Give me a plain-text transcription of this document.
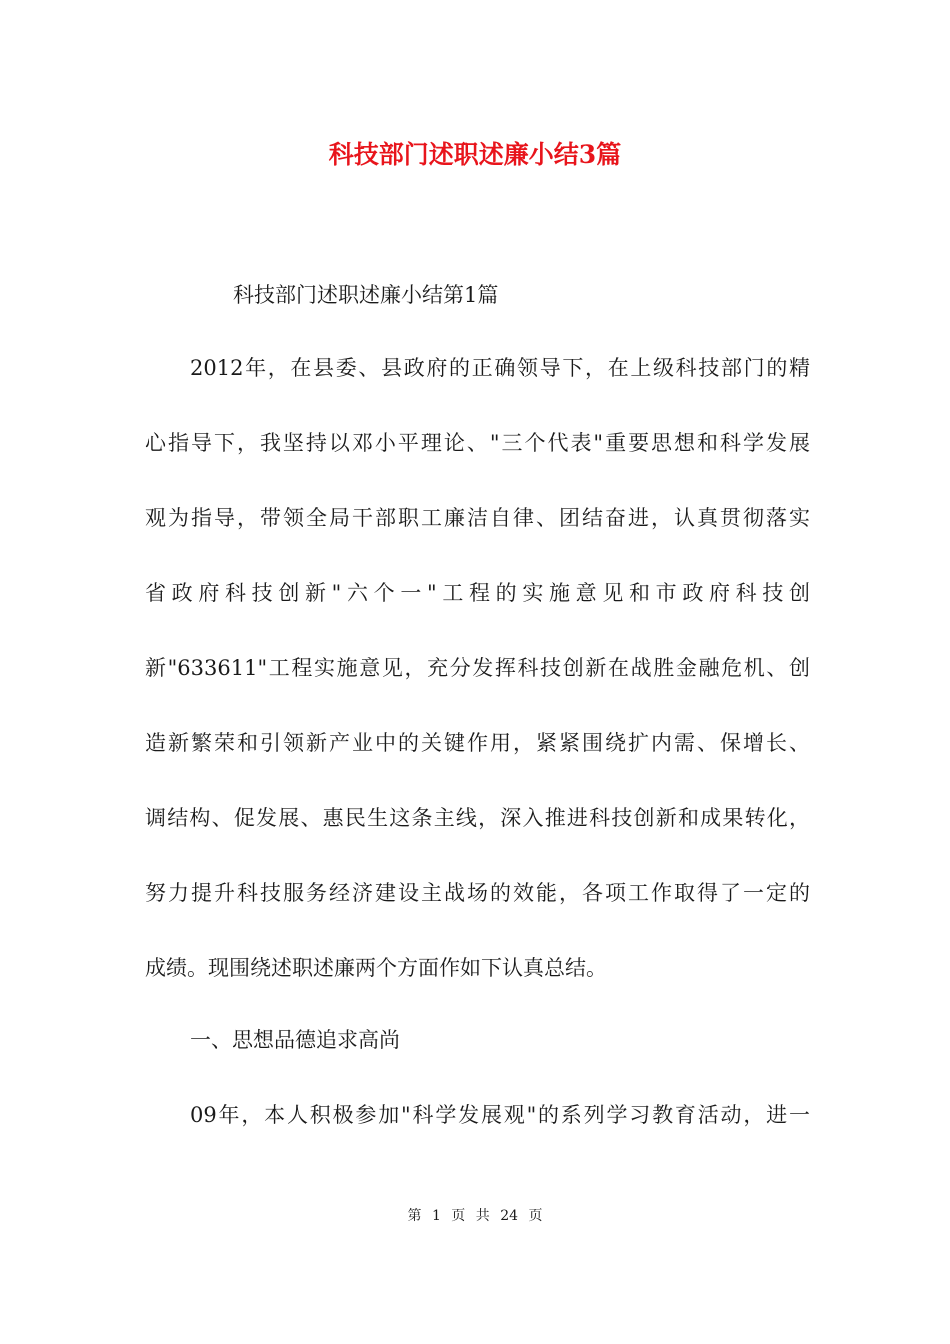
科技部门述职述廉小结3篇

科技部门述职述廉小结第1篇

2012年，在县委、县政府的正确领导下，在上级科技部门的精

心指导下，我坚持以邓小平理论、"三个代表"重要思想和科学发展

观为指导，带领全局干部职工廉洁自律、团结奋进，认真贯彻落实

省政府科技创新"六个一"工程的实施意见和市政府科技创

新"633611"工程实施意见，充分发挥科技创新在战胜金融危机、创

造新繁荣和引领新产业中的关键作用，紧紧围绕扩内需、保增长、

调结构、促发展、惠民生这条主线，深入推进科技创新和成果转化，

努力提升科技服务经济建设主战场的效能，各项工作取得了一定的

成绩。现围绕述职述廉两个方面作如下认真总结。

一、思想品德追求高尚

09年，本人积极参加"科学发展观"的系列学习教育活动，进一

第 1 页 共 24 页
